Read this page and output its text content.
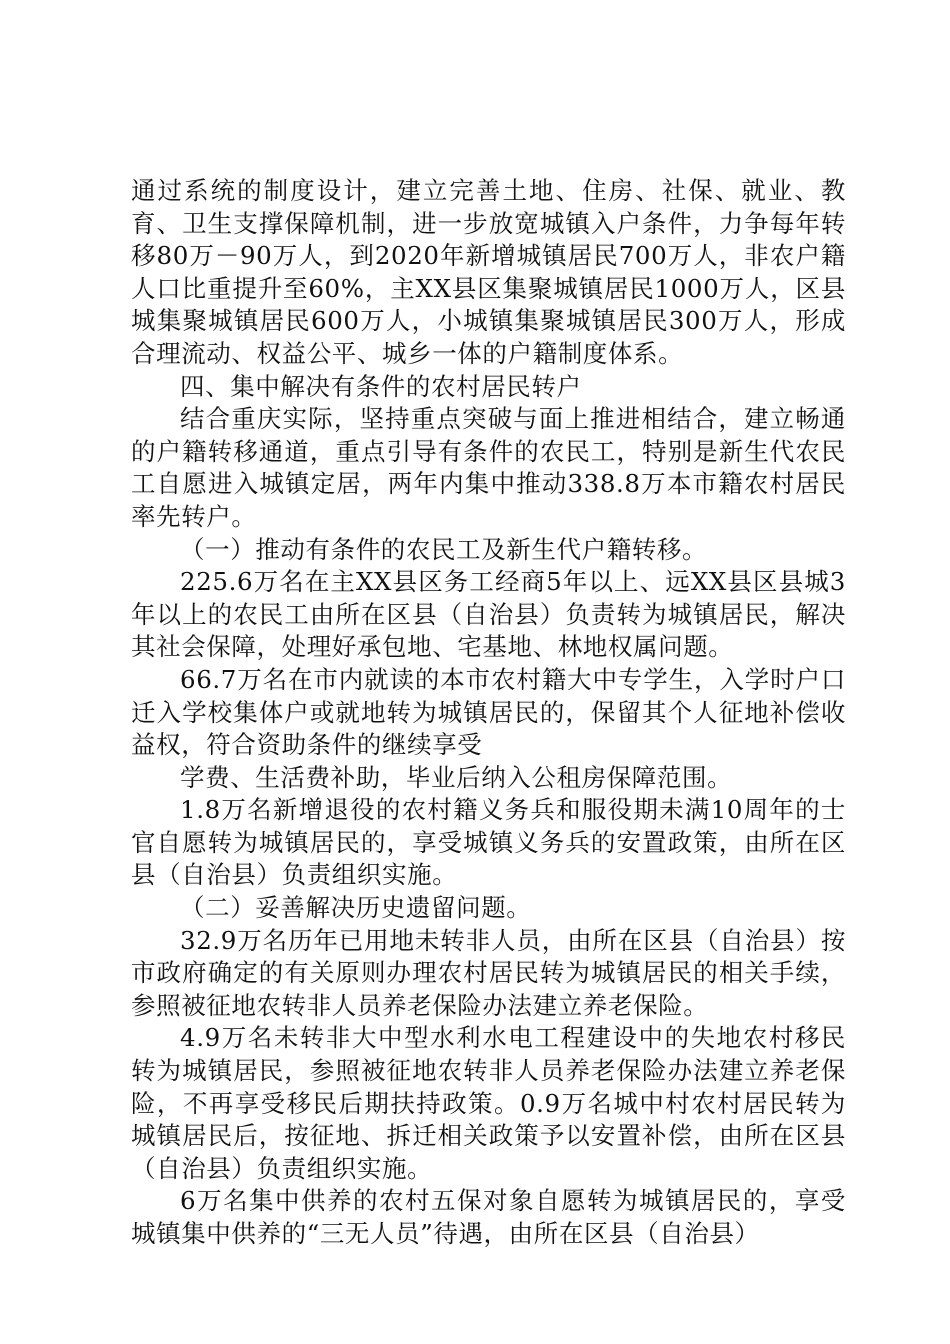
通过系统的制度设计，建立完善土地、住房、社保、就业、教育、卫生支撑保障机制，进一步放宽城镇入户条件，力争每年转移80万－90万人，到2020年新增城镇居民700万人，非农户籍人口比重提升至60%，主XX县区集聚城镇居民1000万人，区县城集聚城镇居民600万人，小城镇集聚城镇居民300万人，形成合理流动、权益公平、城乡一体的户籍制度体系。

四、集中解决有条件的农村居民转户

结合重庆实际，坚持重点突破与面上推进相结合，建立畅通的户籍转移通道，重点引导有条件的农民工，特别是新生代农民工自愿进入城镇定居，两年内集中推动338.8万本市籍农村居民率先转户。

（一）推动有条件的农民工及新生代户籍转移。

225.6万名在主XX县区务工经商5年以上、远XX县区县城3年以上的农民工由所在区县（自治县）负责转为城镇居民，解决其社会保障，处理好承包地、宅基地、林地权属问题。

66.7万名在市内就读的本市农村籍大中专学生，入学时户口迁入学校集体户或就地转为城镇居民的，保留其个人征地补偿收益权，符合资助条件的继续享受

学费、生活费补助，毕业后纳入公租房保障范围。

1.8万名新增退役的农村籍义务兵和服役期未满10周年的士官自愿转为城镇居民的，享受城镇义务兵的安置政策，由所在区县（自治县）负责组织实施。

（二）妥善解决历史遗留问题。

32.9万名历年已用地未转非人员，由所在区县（自治县）按市政府确定的有关原则办理农村居民转为城镇居民的相关手续，参照被征地农转非人员养老保险办法建立养老保险。

4.9万名未转非大中型水利水电工程建设中的失地农村移民转为城镇居民，参照被征地农转非人员养老保险办法建立养老保险，不再享受移民后期扶持政策。0.9万名城中村农村居民转为城镇居民后，按征地、拆迁相关政策予以安置补偿，由所在区县（自治县）负责组织实施。

6万名集中供养的农村五保对象自愿转为城镇居民的，享受城镇集中供养的“三无人员”待遇，由所在区县（自治县）
